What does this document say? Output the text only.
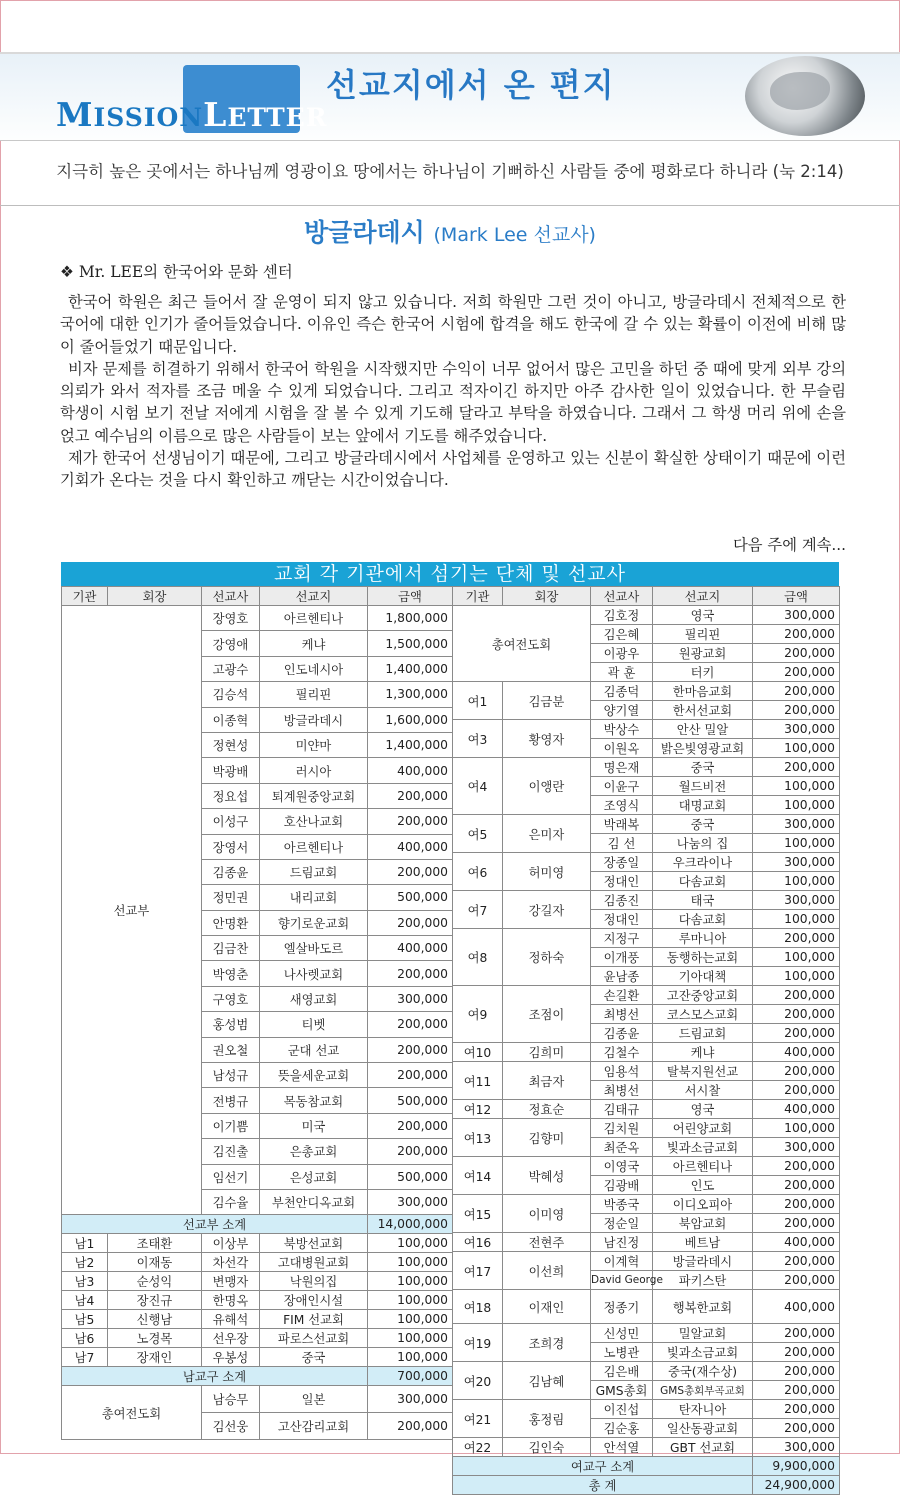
MISSIONLETTER
선교지에서 온 편지
지극히 높은 곳에서는 하나님께 영광이요 땅에서는 하나님이 기뻐하신 사람들 중에 평화로다 하니라 (눅 2:14)
방글라데시 (Mark Lee 선교사)
❖ Mr. LEE의 한국어와 문화 센터

한국어 학원은 최근 들어서 잘 운영이 되지 않고 있습니다. 저희 학원만 그런 것이 아니고, 방글라데시 전체적으로 한국어에 대한 인기가 줄어들었습니다. 이유인 즉슨 한국어 시험에 합격을 해도 한국에 갈 수 있는 확률이 이전에 비해 많이 줄어들었기 때문입니다.

비자 문제를 히결하기 위해서 한국어 학원을 시작했지만 수익이 너무 없어서 많은 고민을 하던 중 때에 맞게 외부 강의 의뢰가 와서 적자를 조금 메울 수 있게 되었습니다. 그리고 적자이긴 하지만 아주 감사한 일이 있었습니다. 한 무슬림 학생이 시험 보기 전날 저에게 시험을 잘 볼 수 있게 기도해 달라고 부탁을 하였습니다. 그래서 그 학생 머리 위에 손을 얹고 예수님의 이름으로 많은 사람들이 보는 앞에서 기도를 해주었습니다.

제가 한국어 선생님이기 때문에, 그리고 방글라데시에서 사업체를 운영하고 있는 신분이 확실한 상태이기 때문에 이런 기회가 온다는 것을 다시 확인하고 깨닫는 시간이었습니다.

다음 주에 계속...
교회 각 기관에서 섬기는 단체 및 선교사
기관	회장	선교사	선교지	금액
선교부		장영호	아르헨티나	1,800,000
		강영애	케냐	1,500,000
		고광수	인도네시아	1,400,000
		김승석	필리핀	1,300,000
		이종혁	방글라데시	1,600,000
		정현성	미얀마	1,400,000
		박광배	러시아	400,000
		정요섭	퇴계원중앙교회	200,000
		이성구	호산나교회	200,000
		장영서	아르헨티나	400,000
		김종윤	드림교회	200,000
		정민권	내리교회	500,000
		안명환	향기로운교회	200,000
		김금찬	엘살바도르	400,000
		박영춘	나사렛교회	200,000
		구영호	새영교회	300,000
		홍성범	티벳	200,000
		권오철	군대 선교	200,000
		남성규	뜻을세운교회	200,000
		전병규	목동참교회	500,000
		이기쁨	미국	200,000
		김진출	은총교회	200,000
		임선기	은성교회	500,000
		김수율	부천안디옥교회	300,000
선교부 소계				14,000,000
남1	조태환	이상부	북방선교회	100,000
남2	이재동	차선각	고대병원교회	100,000
남3	순성익	변맹자	낙원의집	100,000
남4	장진규	한명옥	장애인시설	100,000
남5	신행남	유해석	FIM 선교회	100,000
남6	노경목	선우장	파로스선교회	100,000
남7	장재인	우봉성	중국	100,000
남교구 소계				700,000
총여전도회		남승무	일본	300,000
		김선웅	고산감리교회	200,000
기관	회장	선교사	선교지	금액
총여전도회		김호정	영국	300,000
		김은혜	필리핀	200,000
		이광우	원광교회	200,000
		곽 훈	터키	200,000
여1	김금분	김종덕	한마음교회	200,000
		양기열	한서선교회	200,000
여3	황영자	박상수	안산 밀알	300,000
		이원옥	밝은빛영광교회	100,000
여4	이앵란	명은재	중국	200,000
		이윤구	월드비전	100,000
		조영식	대명교회	100,000
여5	은미자	박래복	중국	300,000
		김 선	나눔의 집	100,000
여6	허미영	장종일	우크라이나	300,000
		정대인	다솜교회	100,000
여7	강길자	김종진	태국	300,000
		정대인	다솜교회	100,000
여8	정하숙	지정구	루마니아	200,000
		이개풍	동행하는교회	100,000
		윤남종	기아대책	100,000
여9	조점이	손길환	고잔중앙교회	200,000
		최병선	코스모스교회	200,000
		김종윤	드림교회	200,000
여10	김희미	김철수	케냐	400,000
여11	최금자	임용석	탈북지원선교	200,000
		최병선	서시찰	200,000
여12	정효순	김태규	영국	400,000
여13	김향미	김치원	어린양교회	100,000
		최준옥	빛과소금교회	300,000
여14	박혜성	이영국	아르헨티나	200,000
		김광배	인도	200,000
여15	이미영	박종국	이디오피아	200,000
		정순일	북암교회	200,000
여16	전현주	남진정	베트남	400,000
여17	이선희	이계혁	방글라데시	200,000
		David George	파키스탄	200,000
여18	이재인	정종기	행복한교회	400,000
여19	조희경	신성민	밀알교회	200,000
		노병관	빛과소금교회	200,000
여20	김남혜	김은배	중국(재수상)	200,000
		GMS총회	GMS총회부곡교회	200,000
여21	홍정림	이진섭	탄자니아	200,000
		김순홍	일산동광교회	200,000
여22	김인숙	안석열	GBT 선교회	300,000
여교구 소계				9,900,000
총 계				24,900,000
